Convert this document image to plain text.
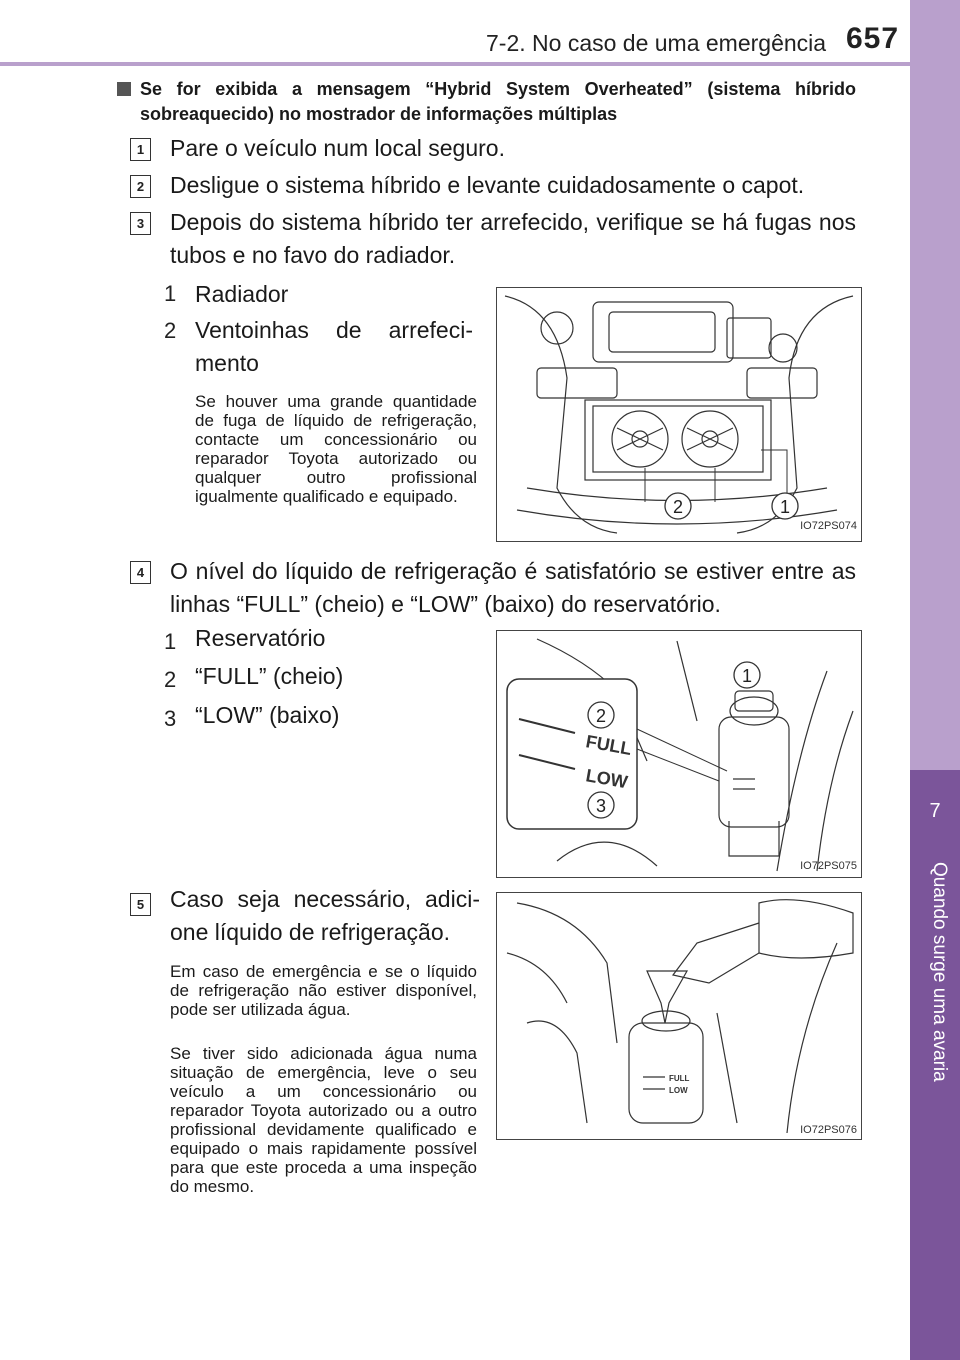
7-2. No caso de uma emergência 657
7
Quando surge uma avaria
Se for exibida a mensagem “Hybrid System Overheated” (sistema híbrido sobreaquecido) no mostrador de informações múltiplas
1 Pare o veículo num local seguro.
2 Desligue o sistema híbrido e levante cuidadosamente o capot.
3 Depois do sistema híbrido ter arrefecido, verifique se há fugas nos tubos e no favo do radiador.
1 Radiador
2 Ventoinhas de arrefeci-
mento
Se houver uma grande quantidade de fuga de líquido de refrigeração, contacte um concessionário ou reparador Toyota autorizado ou qualquer outro profissional igualmente qualificado e equipado.
2	1
IO72PS074
4 O nível do líquido de refrigeração é satisfatório se estiver entre as linhas “FULL” (cheio) e “LOW” (baixo) do reservatório.
1 Reservatório
2 “FULL” (cheio)
3 “LOW” (baixo)
FULL
LOW
1
2
3
IO72PS075
5 Caso seja necessário, adici-
one líquido de refrigeração.
Em caso de emergência e se o líquido de refrigeração não estiver disponível, pode ser utilizada água.
Se tiver sido adicionada água numa situação de emergência, leve o seu veículo a um concessionário ou reparador Toyota autorizado ou a outro profissional devidamente qualificado e equipado o mais rapidamente possível para que este proceda a uma inspeção do mesmo.
FULL
LOW
IO72PS076
